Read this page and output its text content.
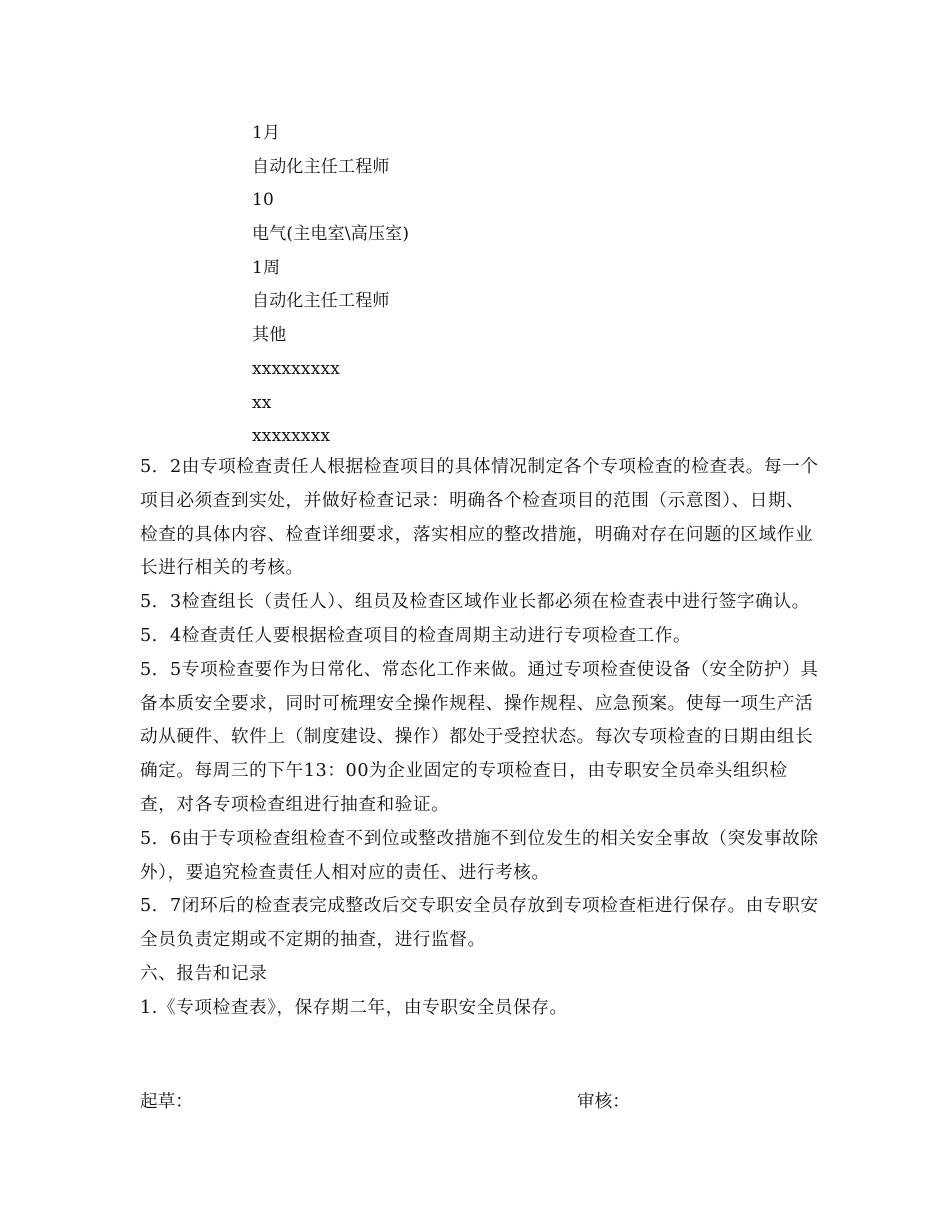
1月
自动化主任工程师
10
电气(主电室\高压室)
1周
自动化主任工程师
其他
xxxxxxxxx
xx
xxxxxxxx

5．2由专项检查责任人根据检查项目的具体情况制定各个专项检查的检查表。每一个项目必须查到实处，并做好检查记录：明确各个检查项目的范围（示意图）、日期、检查的具体内容、检查详细要求，落实相应的整改措施，明确对存在问题的区域作业长进行相关的考核。

5．3检查组长（责任人）、组员及检查区域作业长都必须在检查表中进行签字确认。

5．4检查责任人要根据检查项目的检查周期主动进行专项检查工作。

5．5专项检查要作为日常化、常态化工作来做。通过专项检查使设备（安全防护）具备本质安全要求，同时可梳理安全操作规程、操作规程、应急预案。使每一项生产活动从硬件、软件上（制度建设、操作）都处于受控状态。每次专项检查的日期由组长确定。每周三的下午13：00为企业固定的专项检查日，由专职安全员牵头组织检查，对各专项检查组进行抽查和验证。

5．6由于专项检查组检查不到位或整改措施不到位发生的相关安全事故（突发事故除外），要追究检查责任人相对应的责任、进行考核。

5．7闭环后的检查表完成整改后交专职安全员存放到专项检查柜进行保存。由专职安全员负责定期或不定期的抽查，进行监督。

六、报告和记录

1.《专项检查表》，保存期二年，由专职安全员保存。

起草：	审核：
